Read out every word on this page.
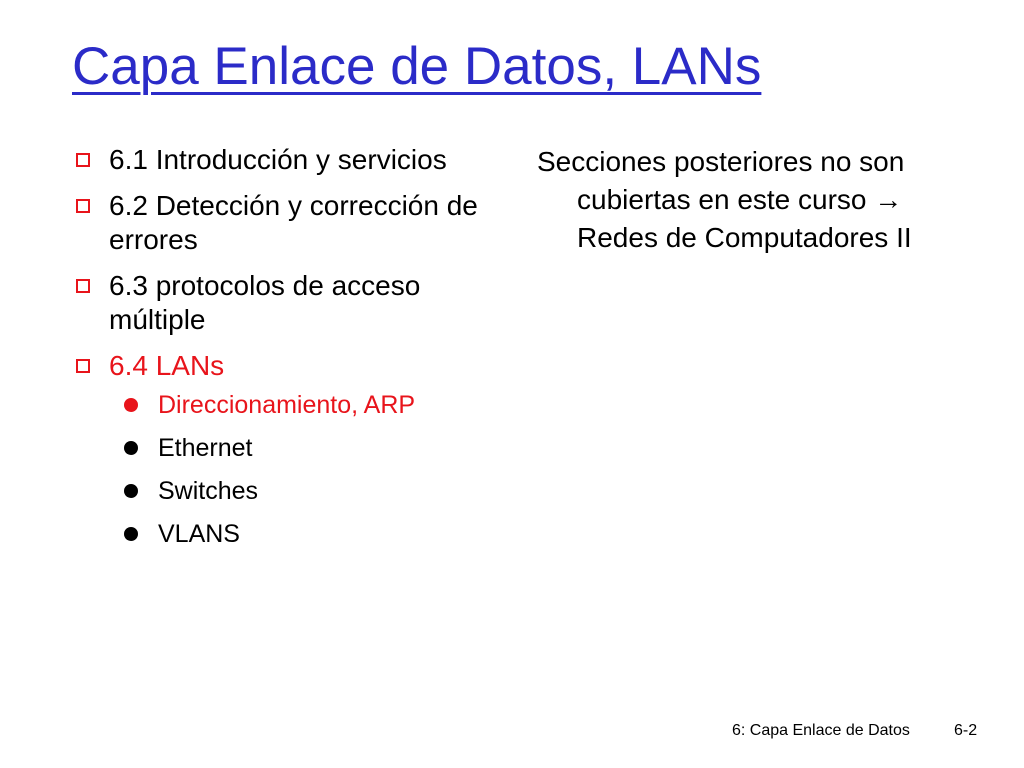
Capa Enlace de Datos, LANs
6.1 Introducción y servicios
6.2 Detección y corrección de errores
6.3 protocolos de acceso múltiple
6.4 LANs
Direccionamiento, ARP
Ethernet
Switches
VLANS

Secciones posteriores no son cubiertas en este curso → Redes de Computadores II

6: Capa Enlace de Datos	6-2
